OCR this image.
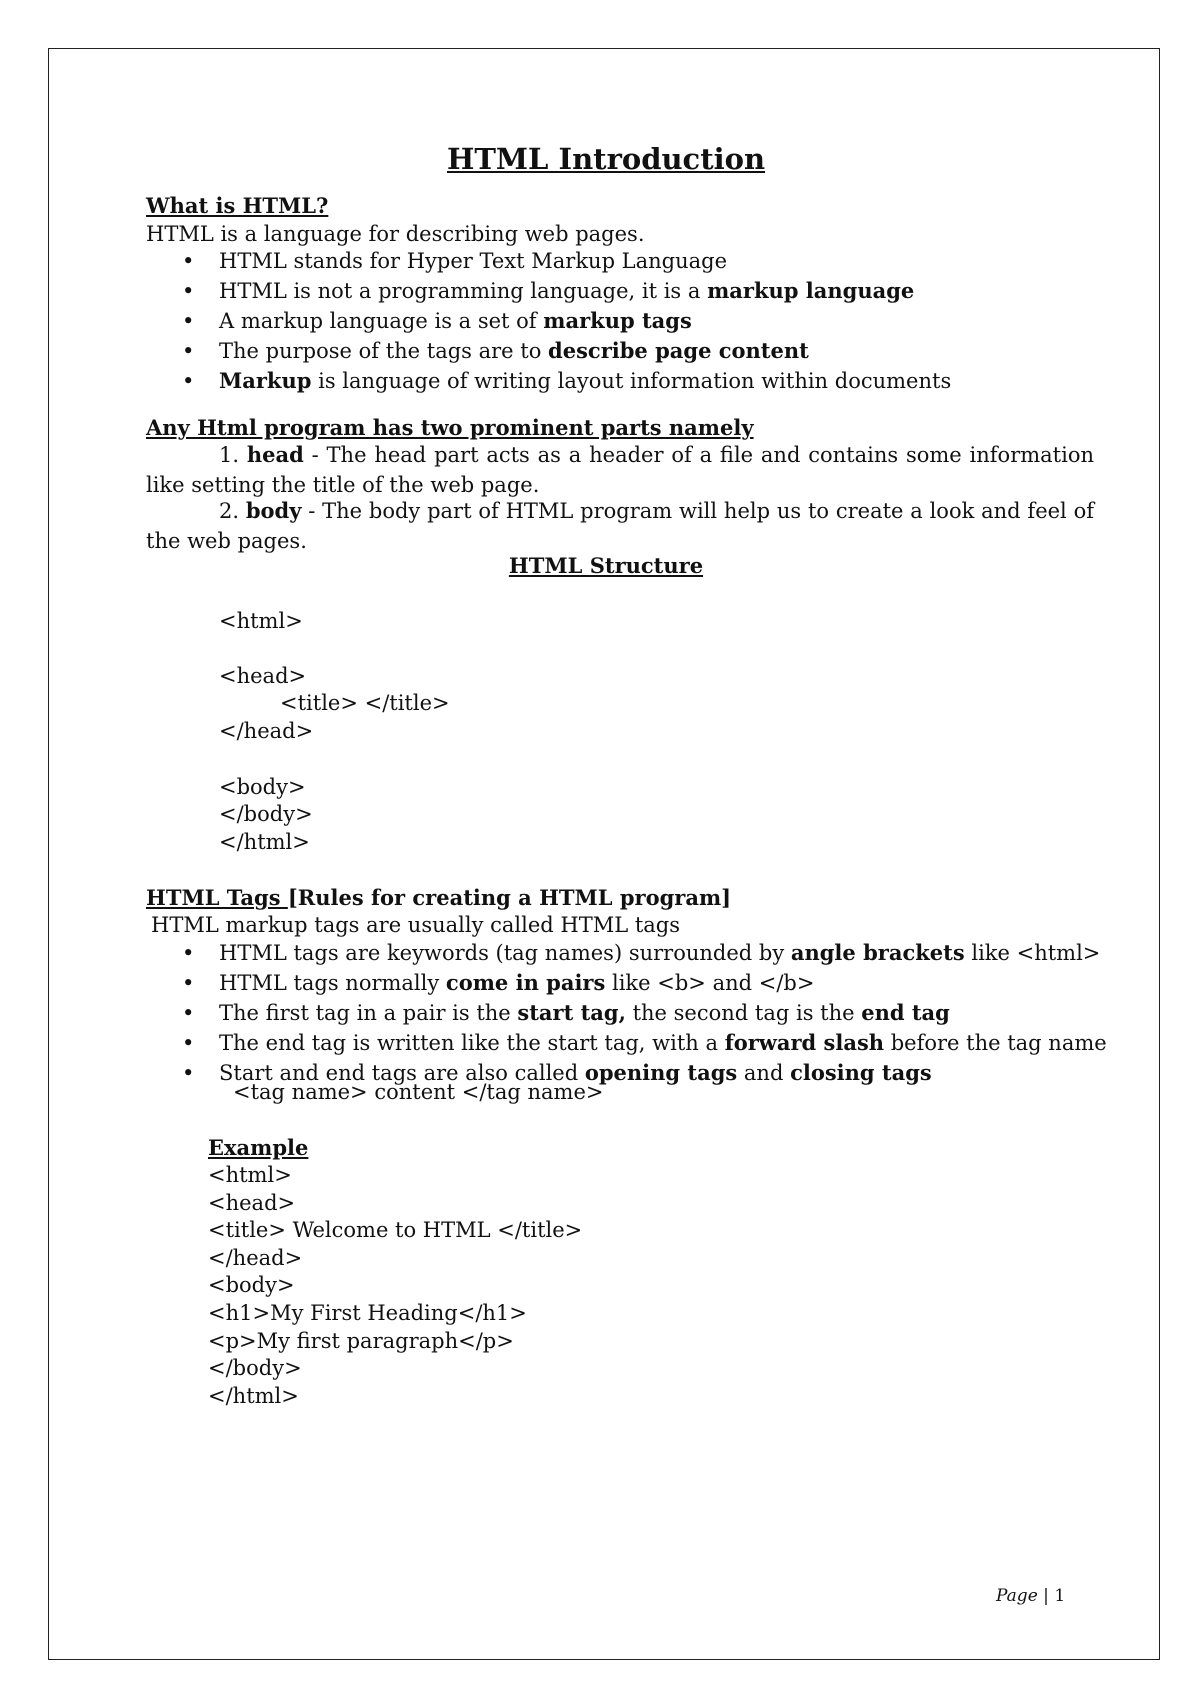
HTML Introduction
What is HTML?
HTML is a language for describing web pages.
• HTML stands for Hyper Text Markup Language
• HTML is not a programming language, it is a markup language
• A markup language is a set of markup tags
• The purpose of the tags are to describe page content
• Markup is language of writing layout information within documents
Any Html program has two prominent parts namely
1. head - The head part acts as a header of a file and contains some information like setting the title of the web page.
2. body - The body part of HTML program will help us to create a look and feel of the web pages.
HTML Structure
<html>
<head>
<title> </title>
</head>
<body>
</body>
</html>
HTML Tags [Rules for creating a HTML program]
HTML markup tags are usually called HTML tags
• HTML tags are keywords (tag names) surrounded by angle brackets like <html>
• HTML tags normally come in pairs like <b> and </b>
• The first tag in a pair is the start tag, the second tag is the end tag
• The end tag is written like the start tag, with a forward slash before the tag name
• Start and end tags are also called opening tags and closing tags
<tag name> content </tag name>
Example
<html>
<head>
<title> Welcome to HTML </title>
</head>
<body>
<h1>My First Heading</h1>
<p>My first paragraph</p>
</body>
</html>
Page | 1
